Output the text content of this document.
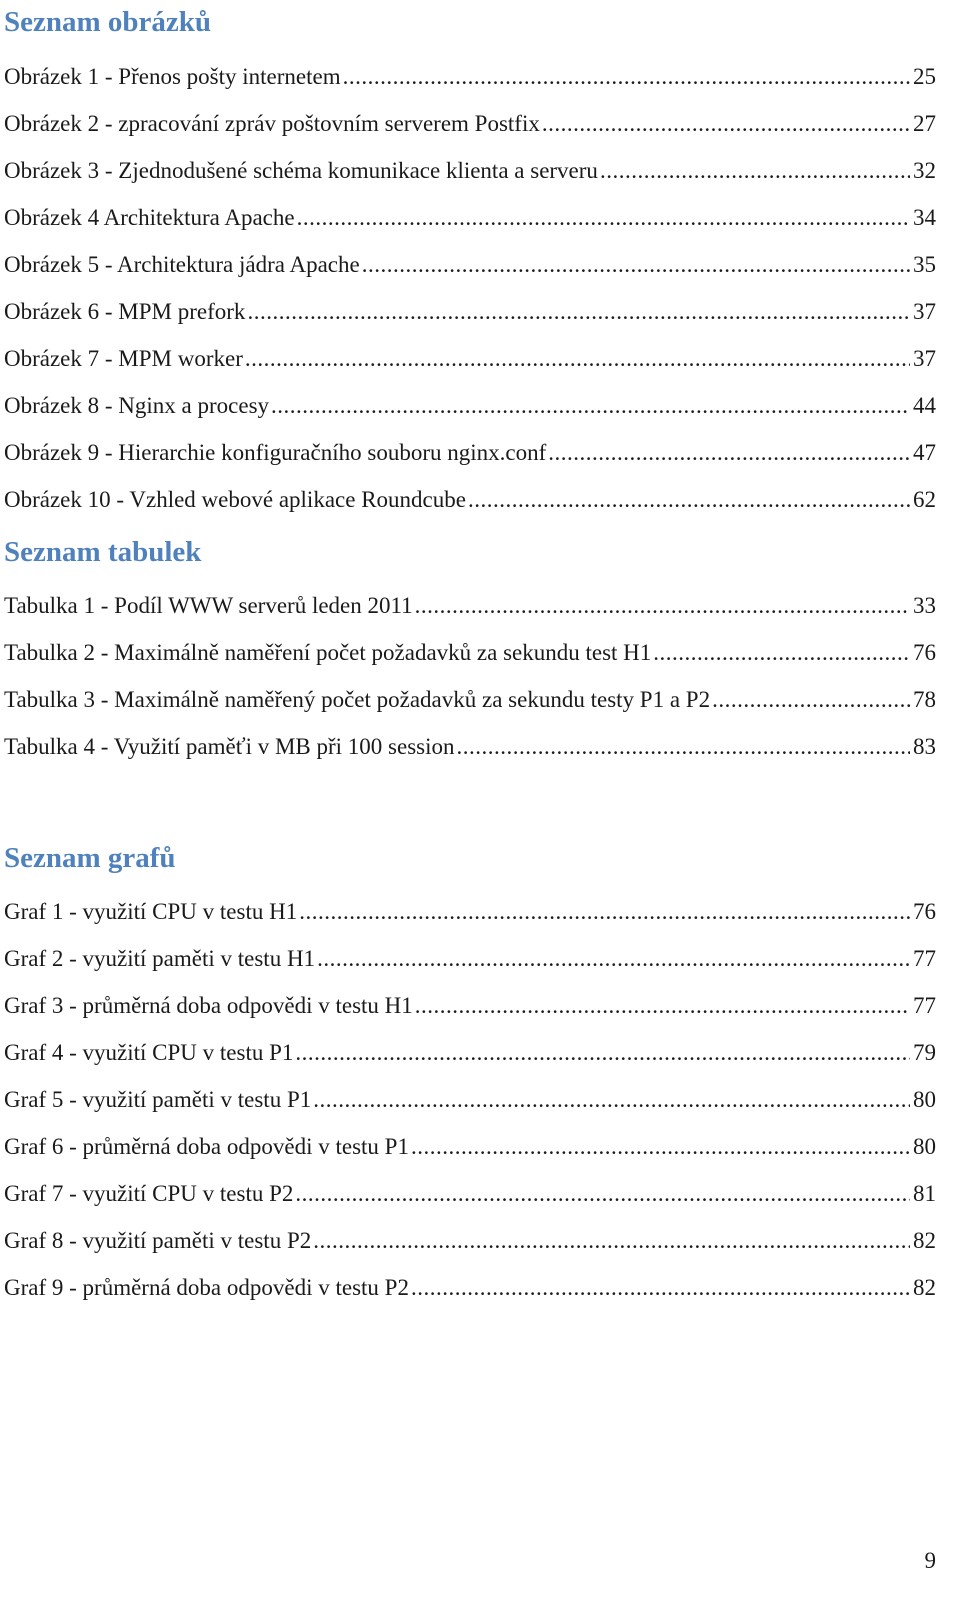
Seznam obrázků
Obrázek 1 - Přenos pošty internetem .....	25
Obrázek 2 - zpracování zpráv poštovním serverem Postfix .....	27
Obrázek 3 - Zjednodušené schéma komunikace klienta a serveru .....	32
Obrázek 4 Architektura Apache .....	34
Obrázek 5 - Architektura jádra Apache .....	35
Obrázek 6 - MPM prefork .....	37
Obrázek 7 - MPM worker .....	37
Obrázek 8 - Nginx a procesy .....	44
Obrázek 9 - Hierarchie konfiguračního souboru nginx.conf .....	47
Obrázek 10 - Vzhled webové aplikace Roundcube .....	62
Seznam tabulek
Tabulka 1 - Podíl WWW serverů leden 2011 .....	33
Tabulka 2 - Maximálně naměření počet požadavků za sekundu test H1 .....	76
Tabulka 3 - Maximálně naměřený počet požadavků za sekundu testy P1 a P2 .....	78
Tabulka 4 - Využití paměťi v MB při 100 session .....	83
Seznam grafů
Graf 1 - využití CPU v testu H1 .....	76
Graf 2 - využití paměti v testu H1 .....	77
Graf 3 - průměrná doba odpovědi v testu H1 .....	77
Graf 4 - využití CPU v testu P1 .....	79
Graf 5 - využití paměti v testu P1 .....	80
Graf 6 - průměrná doba odpovědi v testu P1 .....	80
Graf 7 - využití CPU v testu P2 .....	81
Graf 8 - využití paměti v testu P2 .....	82
Graf 9 - průměrná doba odpovědi v testu P2 .....	82
9
